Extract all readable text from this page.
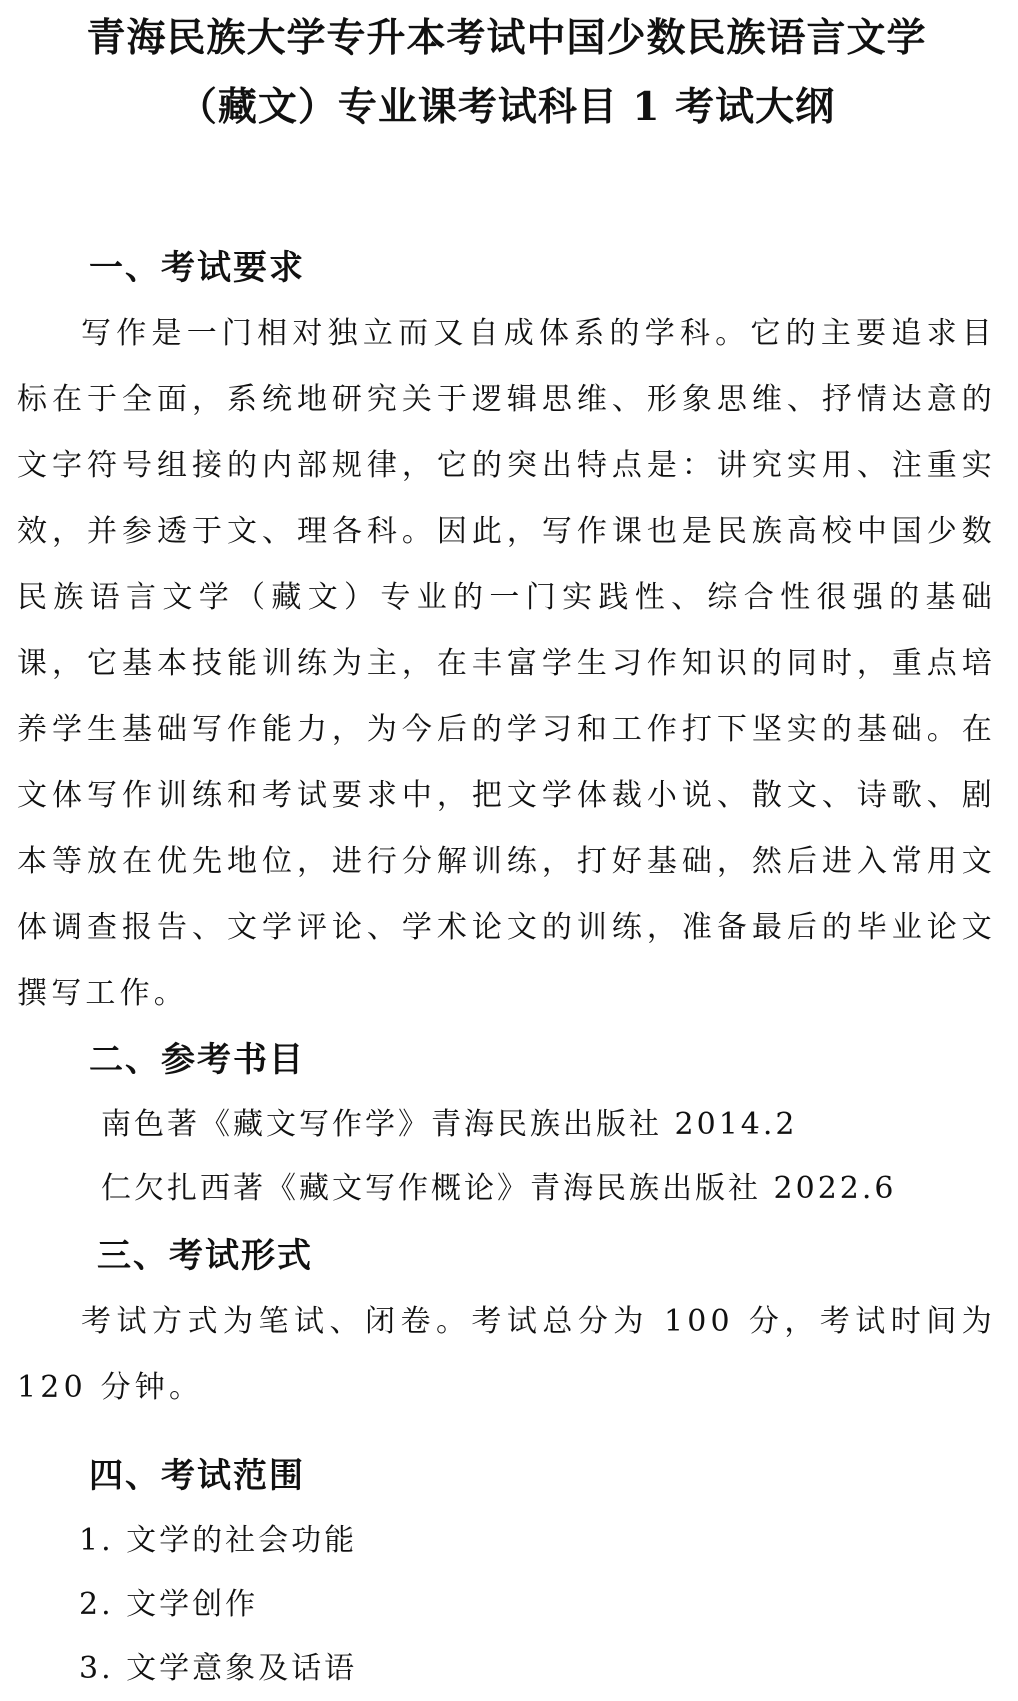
青海民族大学专升本考试中国少数民族语言文学
（藏文）专业课考试科目 1 考试大纲
一、考试要求

写作是一门相对独立而又自成体系的学科。它的主要追求目标在于全面，系统地研究关于逻辑思维、形象思维、抒情达意的文字符号组接的内部规律，它的突出特点是：讲究实用、注重实效，并参透于文、理各科。因此，写作课也是民族高校中国少数民族语言文学（藏文）专业的一门实践性、综合性很强的基础课，它基本技能训练为主，在丰富学生习作知识的同时，重点培养学生基础写作能力，为今后的学习和工作打下坚实的基础。在文体写作训练和考试要求中，把文学体裁小说、散文、诗歌、剧本等放在优先地位，进行分解训练，打好基础，然后进入常用文体调查报告、文学评论、学术论文的训练，准备最后的毕业论文撰写工作。

二、参考书目

南色著《藏文写作学》青海民族出版社 2014.2

仁欠扎西著《藏文写作概论》青海民族出版社 2022.6

三、考试形式

考试方式为笔试、闭卷。考试总分为 100 分，考试时间为 120 分钟。

四、考试范围

1. 文学的社会功能

2. 文学创作

3. 文学意象及话语
